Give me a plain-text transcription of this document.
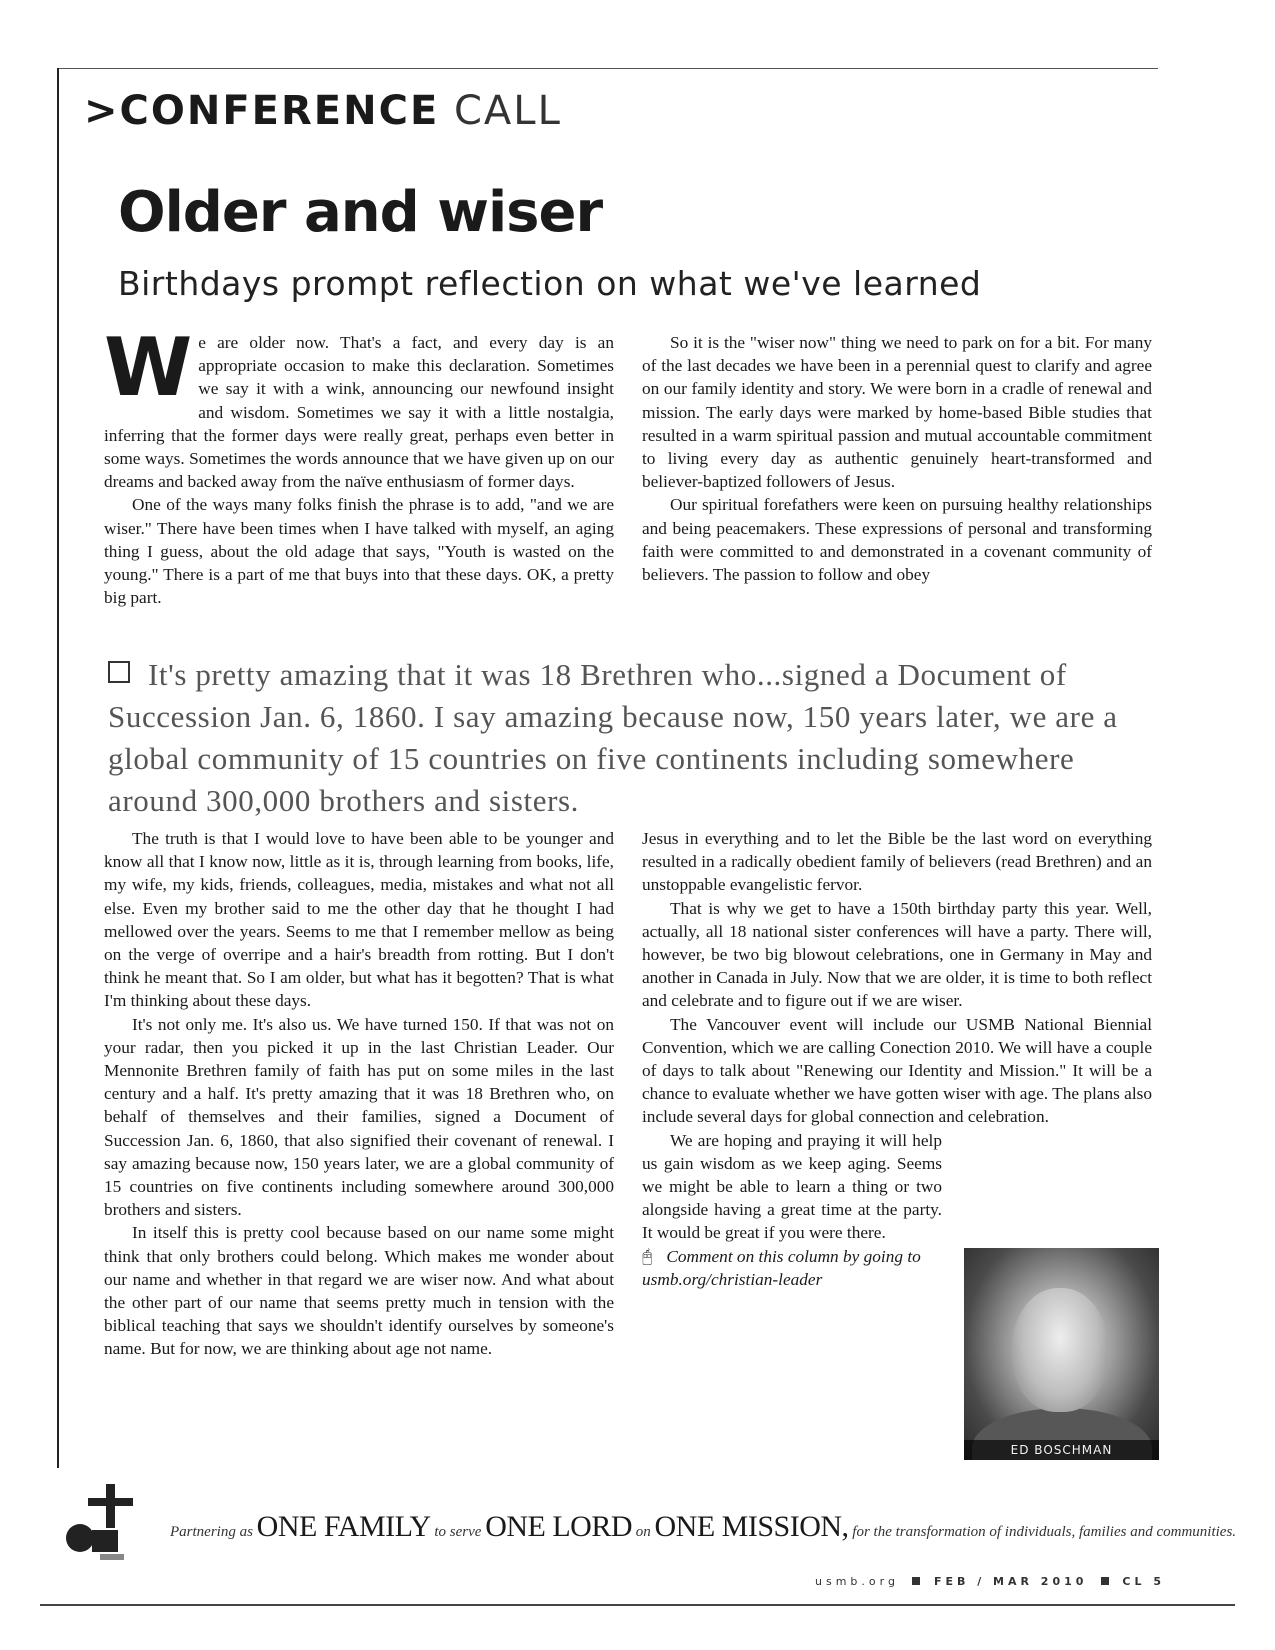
>CONFERENCE CALL
Older and wiser
Birthdays prompt reflection on what we've learned

We are older now. That's a fact, and every day is an appropriate occasion to make this declaration. Sometimes we say it with a wink, announcing our newfound insight and wisdom. Sometimes we say it with a little nostalgia, inferring that the former days were really great, perhaps even better in some ways. Sometimes the words announce that we have given up on our dreams and backed away from the naïve enthusiasm of former days.

One of the ways many folks finish the phrase is to add, "and we are wiser." There have been times when I have talked with myself, an aging thing I guess, about the old adage that says, "Youth is wasted on the young." There is a part of me that buys into that these days. OK, a pretty big part.

So it is the "wiser now" thing we need to park on for a bit. For many of the last decades we have been in a perennial quest to clarify and agree on our family identity and story. We were born in a cradle of renewal and mission. The early days were marked by home-based Bible studies that resulted in a warm spiritual passion and mutual accountable commitment to living every day as authentic genuinely heart-transformed and believer-baptized followers of Jesus.

Our spiritual forefathers were keen on pursuing healthy relationships and being peacemakers. These expressions of personal and transforming faith were committed to and demonstrated in a covenant community of believers. The passion to follow and obey

It's pretty amazing that it was 18 Brethren who...signed a Document of Succession Jan. 6, 1860. I say amazing because now, 150 years later, we are a global community of 15 countries on five continents including somewhere around 300,000 brothers and sisters.

The truth is that I would love to have been able to be younger and know all that I know now, little as it is, through learning from books, life, my wife, my kids, friends, colleagues, media, mistakes and what not all else. Even my brother said to me the other day that he thought I had mellowed over the years. Seems to me that I remember mellow as being on the verge of overripe and a hair's breadth from rotting. But I don't think he meant that. So I am older, but what has it begotten? That is what I'm thinking about these days.

It's not only me. It's also us. We have turned 150. If that was not on your radar, then you picked it up in the last Christian Leader. Our Mennonite Brethren family of faith has put on some miles in the last century and a half. It's pretty amazing that it was 18 Brethren who, on behalf of themselves and their families, signed a Document of Succession Jan. 6, 1860, that also signified their covenant of renewal. I say amazing because now, 150 years later, we are a global community of 15 countries on five continents including somewhere around 300,000 brothers and sisters.

In itself this is pretty cool because based on our name some might think that only brothers could belong. Which makes me wonder about our name and whether in that regard we are wiser now. And what about the other part of our name that seems pretty much in tension with the biblical teaching that says we shouldn't identify ourselves by someone's name. But for now, we are thinking about age not name.

Jesus in everything and to let the Bible be the last word on everything resulted in a radically obedient family of believers (read Brethren) and an unstoppable evangelistic fervor.

That is why we get to have a 150th birthday party this year. Well, actually, all 18 national sister conferences will have a party. There will, however, be two big blowout celebrations, one in Germany in May and another in Canada in July. Now that we are older, it is time to both reflect and celebrate and to figure out if we are wiser.

The Vancouver event will include our USMB National Biennial Convention, which we are calling Conection 2010. We will have a couple of days to talk about "Renewing our Identity and Mission." It will be a chance to evaluate whether we have gotten wiser with age. The plans also include several days for global connection and celebration.

We are hoping and praying it will help us gain wisdom as we keep aging. Seems we might be able to learn a thing or two alongside having a great time at the party. It would be great if you were there.

🖰 Comment on this column by going to usmb.org/christian-leader

ED BOSCHMAN
Partnering as ONE FAMILY to serve ONE LORD on ONE MISSION, for the transformation of individuals, families and communities.
usmb.org	FEB / MAR 2010	CL 5
